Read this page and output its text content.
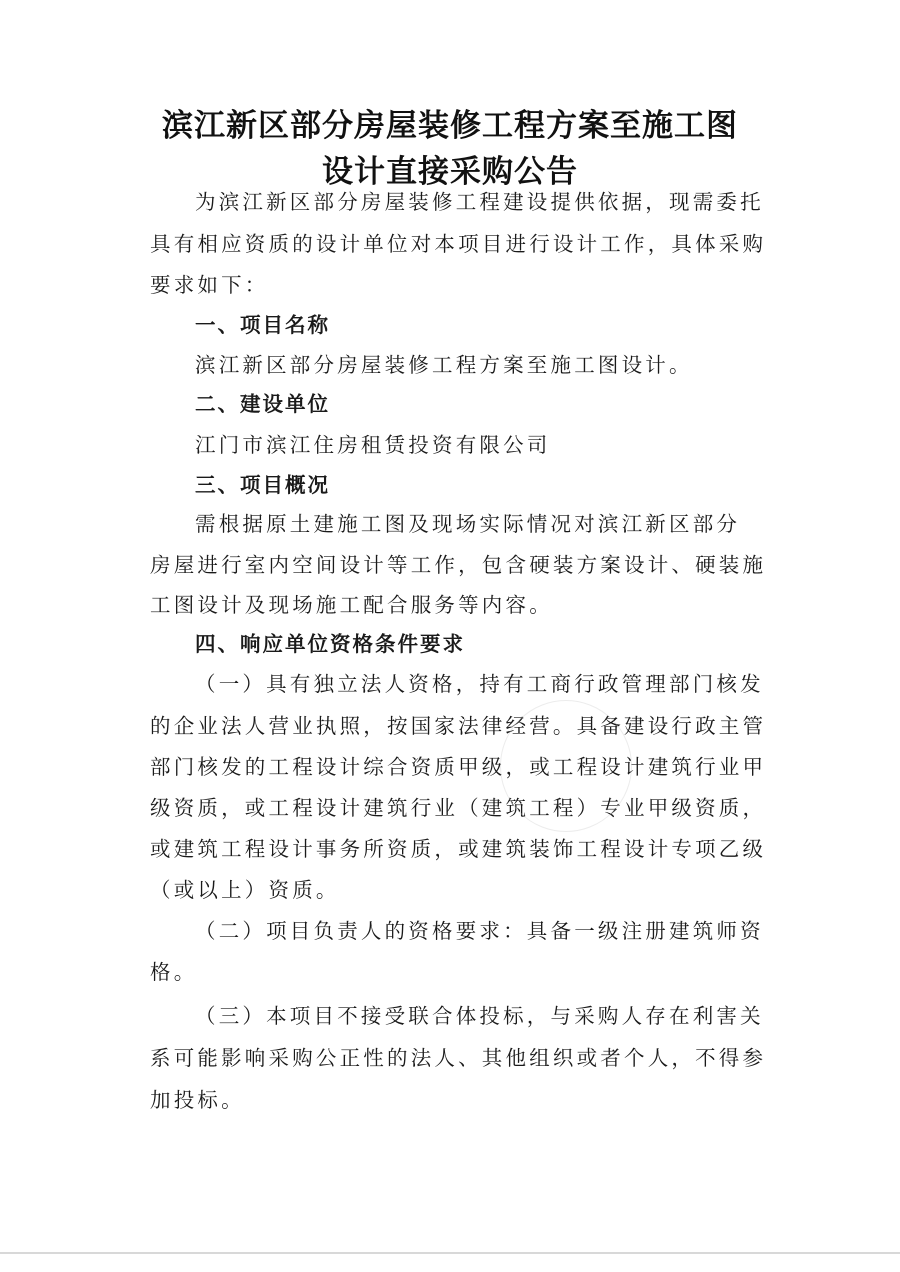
滨江新区部分房屋装修工程方案至施工图
设计直接采购公告
为滨江新区部分房屋装修工程建设提供依据，现需委托
具有相应资质的设计单位对本项目进行设计工作，具体采购
要求如下：
一、项目名称
滨江新区部分房屋装修工程方案至施工图设计。
二、建设单位
江门市滨江住房租赁投资有限公司
三、项目概况
需根据原土建施工图及现场实际情况对滨江新区部分
房屋进行室内空间设计等工作，包含硬装方案设计、硬装施
工图设计及现场施工配合服务等内容。
四、响应单位资格条件要求
（一）具有独立法人资格，持有工商行政管理部门核发
的企业法人营业执照，按国家法律经营。具备建设行政主管
部门核发的工程设计综合资质甲级，或工程设计建筑行业甲
级资质，或工程设计建筑行业（建筑工程）专业甲级资质，
或建筑工程设计事务所资质，或建筑装饰工程设计专项乙级
（或以上）资质。
（二）项目负责人的资格要求：具备一级注册建筑师资
格。
（三）本项目不接受联合体投标，与采购人存在利害关
系可能影响采购公正性的法人、其他组织或者个人，不得参
加投标。
